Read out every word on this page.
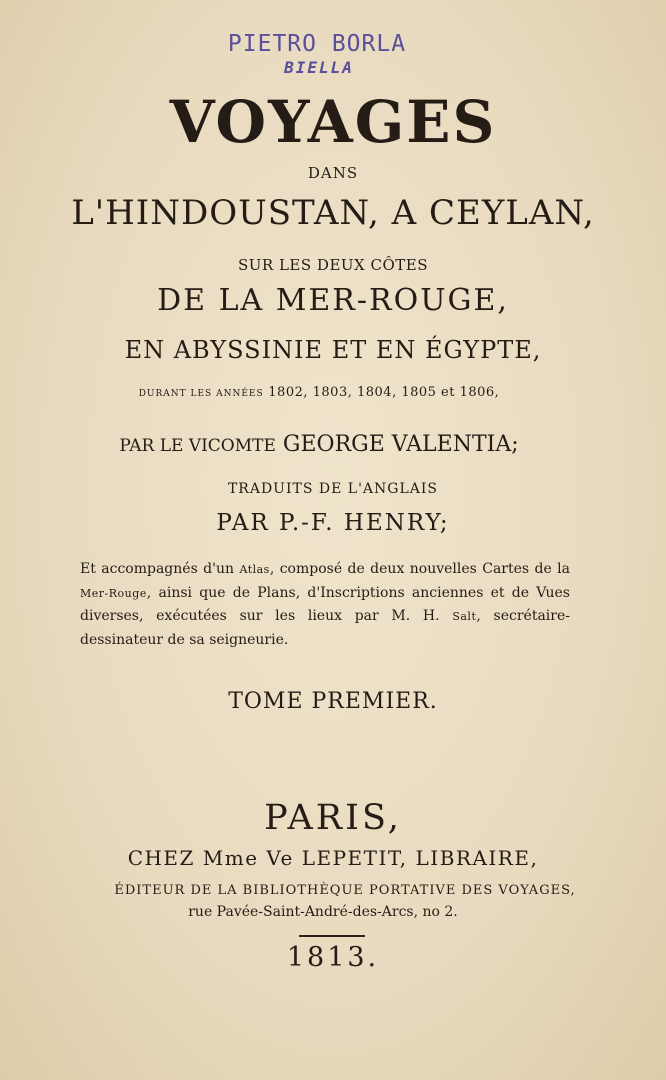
PIETRO BORLA
BIELLA
VOYAGES
DANS
L'HINDOUSTAN, A CEYLAN,
SUR LES DEUX CÔTES
DE LA MER-ROUGE,
EN ABYSSINIE ET EN ÉGYPTE,
DURANT LES ANNÉES 1802, 1803, 1804, 1805 et 1806,
PAR LE VICOMTE GEORGE VALENTIA;
TRADUITS DE L'ANGLAIS
PAR P.-F. HENRY;
Et accompagnés d'un Atlas, composé de deux nouvelles Cartes de la Mer-Rouge, ainsi que de Plans, d'Inscriptions anciennes et de Vues diverses, exécutées sur les lieux par M. H. Salt, secrétaire-dessinateur de sa seigneurie.
TOME PREMIER.
PARIS,
CHEZ Mme Ve LEPETIT, LIBRAIRE,
ÉDITEUR DE LA BIBLIOTHÈQUE PORTATIVE DES VOYAGES,
rue Pavée-Saint-André-des-Arcs, no 2.
1813.
